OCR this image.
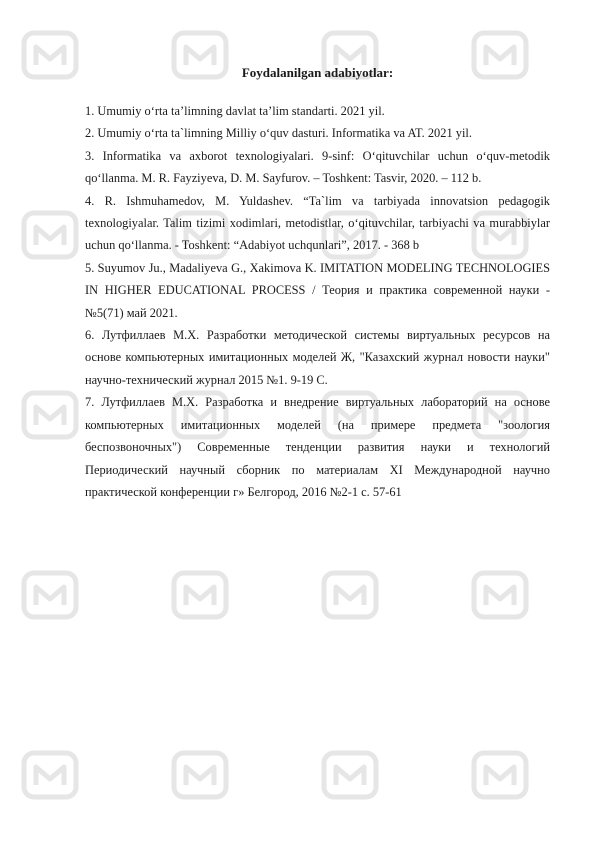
Foydalanilgan adabiyotlar:
1. Umumiy o‘rta ta’limning davlat ta’lim standarti. 2021 yil.
2. Umumiy o‘rta ta`limning Milliy o‘quv dasturi. Informatika va AT. 2021 yil.
3. Informatika va axborot texnologiyalari. 9-sinf: O‘qituvchilar uchun o‘quv-metodik qo‘llanma. M. R. Fayziyeva, D. M. Sayfurov. – Toshkent: Tasvir, 2020. – 112 b.
4. R. Ishmuhamedov, M. Yuldashev. “Ta`lim va tarbiyada innovatsion pedagogik texnologiyalar. Talim tizimi xodimlari, metodistlar, o‘qituvchilar, tarbiyachi va murabbiylar uchun qo‘llanma. - Toshkent: “Adabiyot uchqunlari”, 2017. - 368 b
5. Suyumov Ju., Madaliyeva G., Xakimova K. IMITATION MODELING TECHNOLOGIES IN HIGHER EDUCATIONAL PROCESS / Теория и практика современной науки - №5(71) май 2021.
6. Лутфиллаев М.Х. Разработки методической системы виртуальных ресурсов на основе компьютерных имитационных моделей Ж, "Казахский журнал новости науки" научно-технический журнал 2015 №1. 9-19 С.
7. Лутфиллаев М.Х. Разработка и внедрение виртуальных лабораторий на основе компьютерных имитационных моделей (на примере предмета "зоология беспозвоночных") Современные тенденции развития науки и технологий Периодический научный сборник по материалам XI Международной научно практической конференции г» Белгород, 2016 №2-1 с. 57-61
